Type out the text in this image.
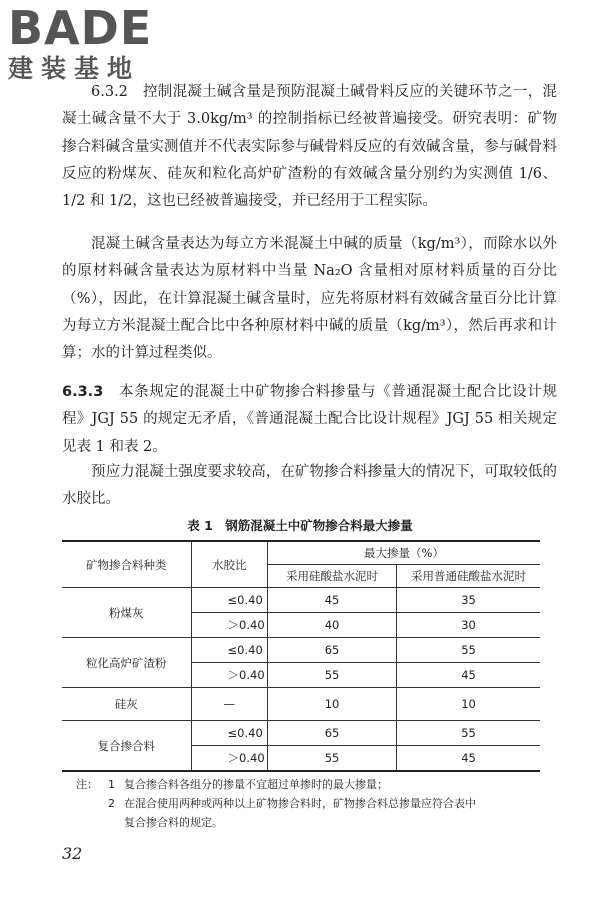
BADE
建装基地
6.3.2　控制混凝土碱含量是预防混凝土碱骨料反应的关键环节之一，混凝土碱含量不大于 3.0kg/m³ 的控制指标已经被普遍接受。研究表明：矿物掺合料碱含量实测值并不代表实际参与碱骨料反应的有效碱含量，参与碱骨料反应的粉煤灰、硅灰和粒化高炉矿渣粉的有效碱含量分别约为实测值 1/6、1/2 和 1/2，这也已经被普遍接受，并已经用于工程实际。
混凝土碱含量表达为每立方米混凝土中碱的质量（kg/m³），而除水以外的原材料碱含量表达为原材料中当量 Na₂O 含量相对原材料质量的百分比（%），因此，在计算混凝土碱含量时，应先将原材料有效碱含量百分比计算为每立方米混凝土配合比中各种原材料中碱的质量（kg/m³），然后再求和计算；水的计算过程类似。
6.3.3　 本条规定的混凝土中矿物掺合料掺量与《普通混凝土配合比设计规程》JGJ 55 的规定无矛盾，《普通混凝土配合比设计规程》JGJ 55 相关规定见表 1 和表 2。
预应力混凝土强度要求较高，在矿物掺合料掺量大的情况下，可取较低的水胶比。
表 1　钢筋混凝土中矿物掺合料最大掺量
矿物掺合料种类	水胶比	最大掺量（%）	
		采用硅酸盐水泥时	采用普通硅酸盐水泥时
粉煤灰	≤0.40	45	35
	＞0.40	40	30
粒化高炉矿渣粉	≤0.40	65	55
	＞0.40	55	45
硅灰	—	10	10
复合掺合料	≤0.40	65	55
	＞0.40	55	45
注： 1 复合掺合料各组分的掺量不宜超过单掺时的最大掺量；
2 在混合使用两种或两种以上矿物掺合料时，矿物掺合料总掺量应符合表中
复合掺合料的规定。
32
